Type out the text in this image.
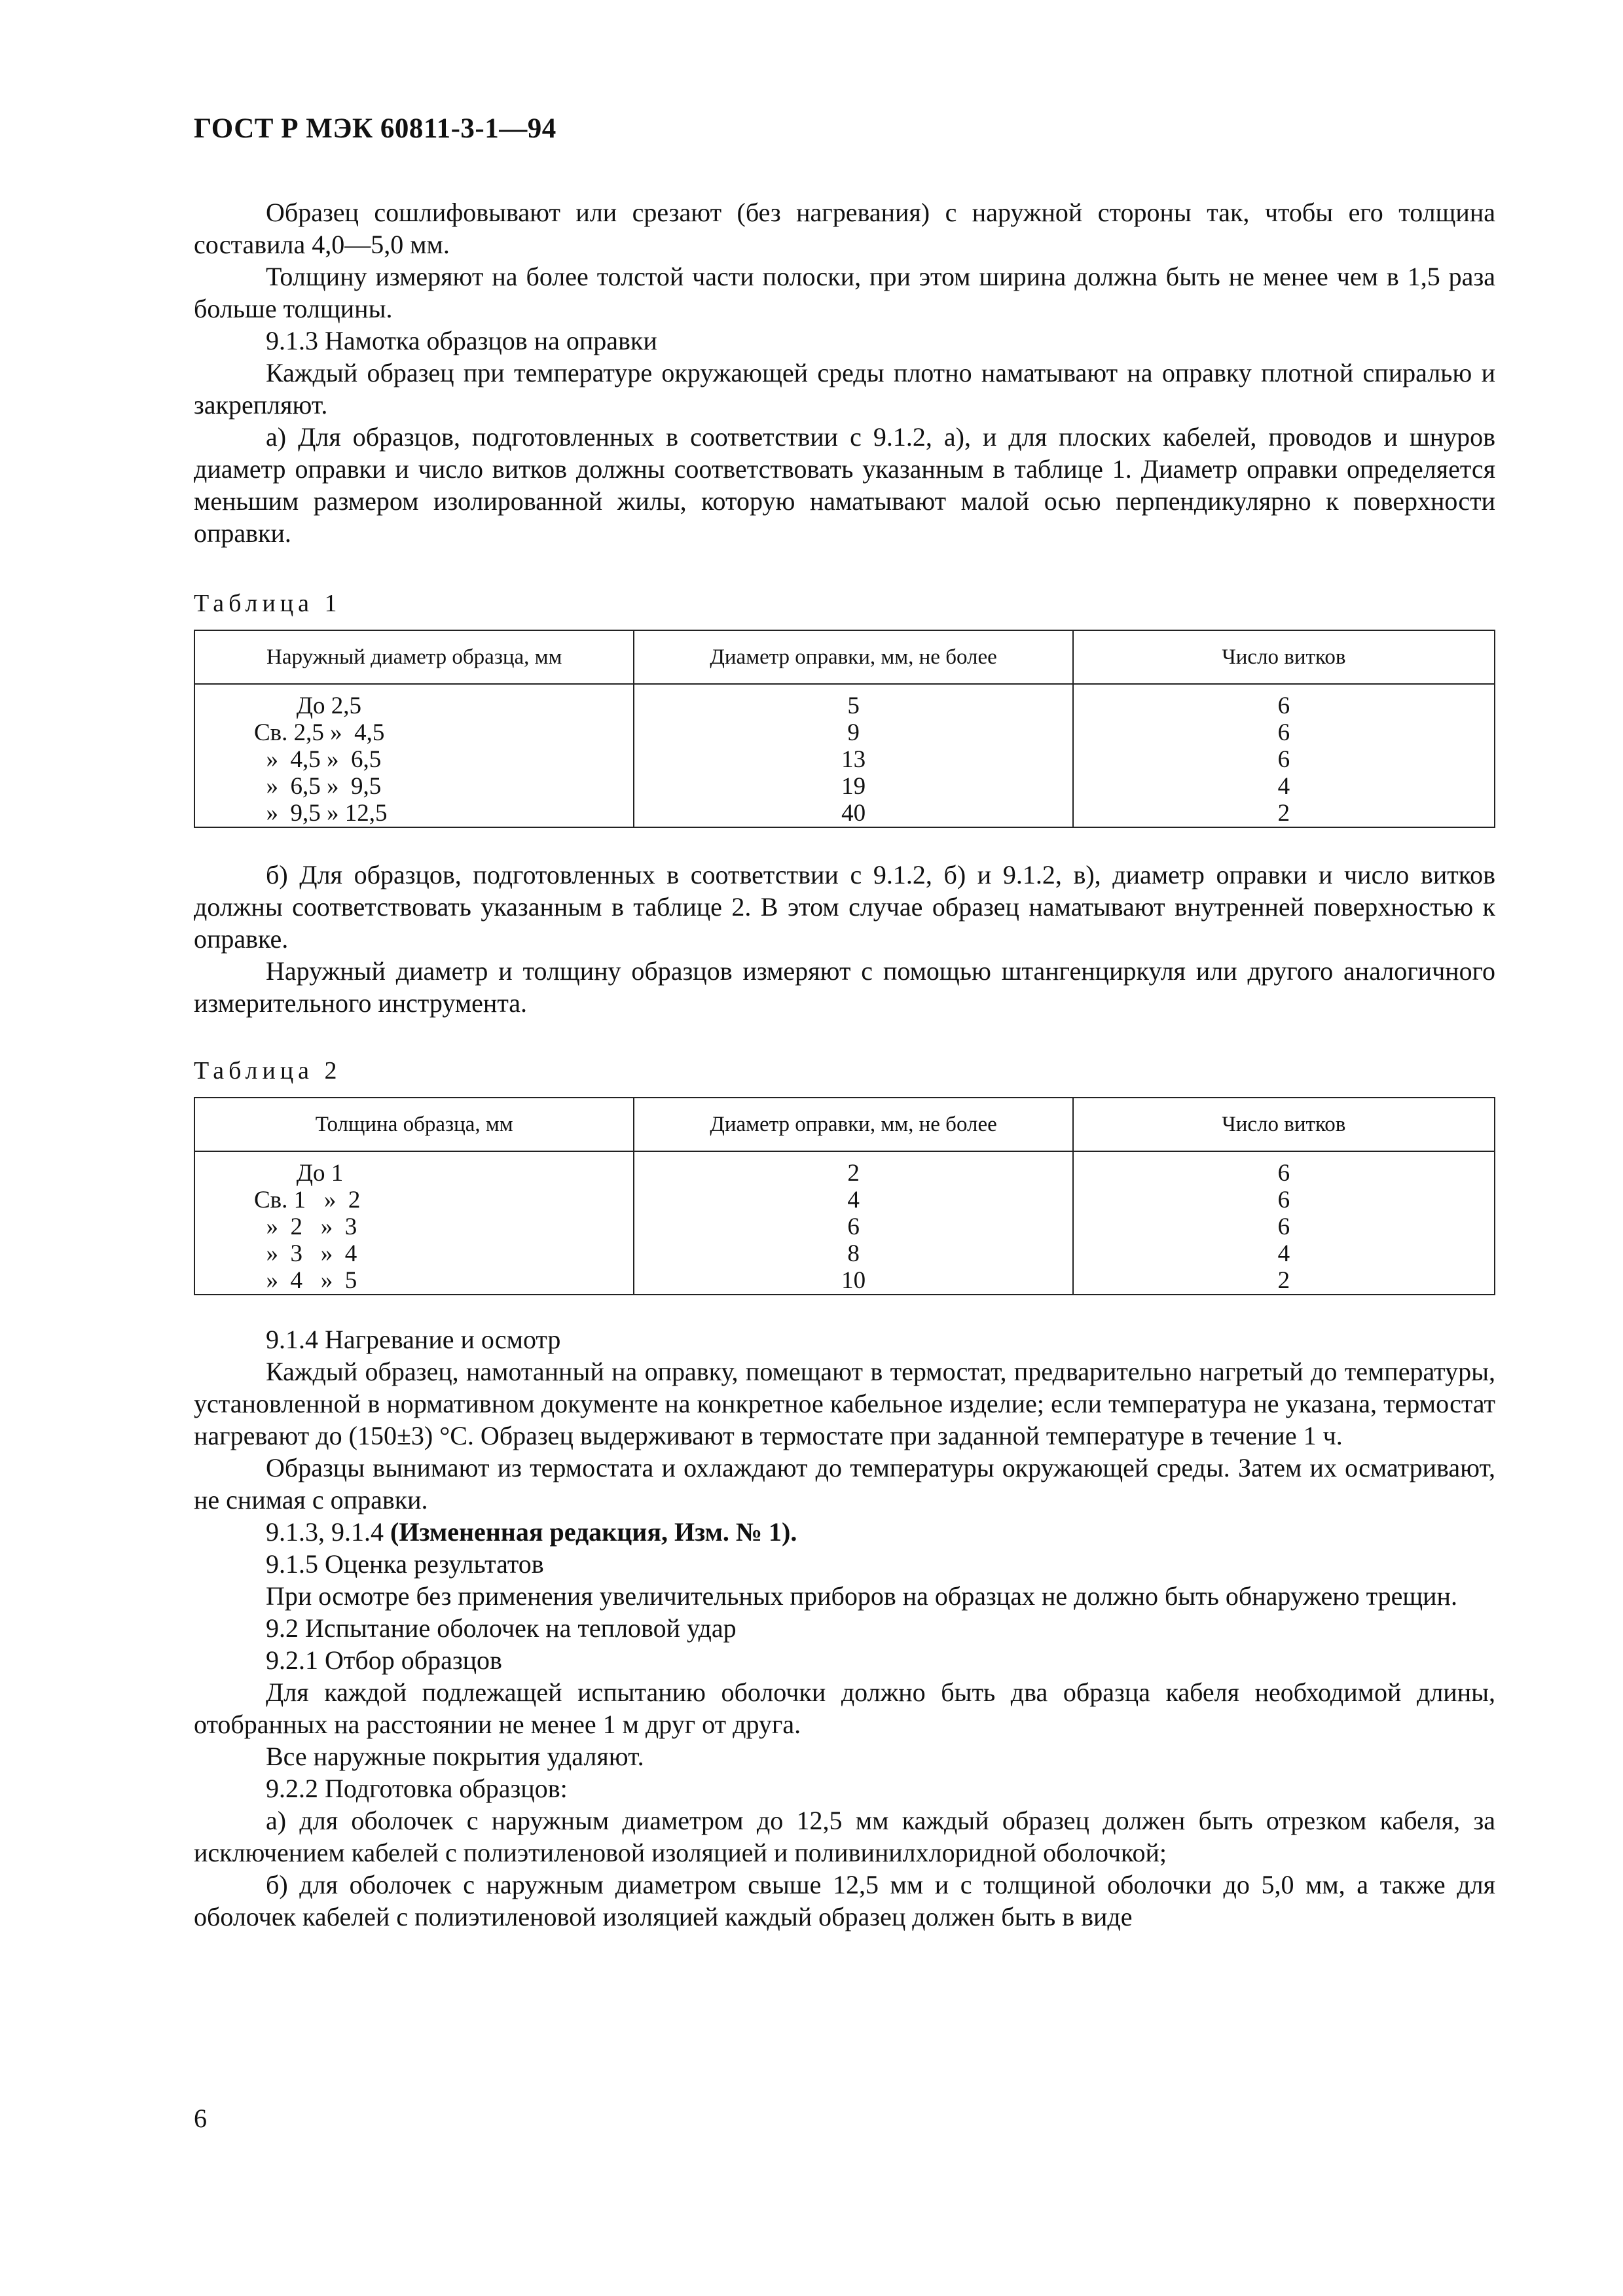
ГОСТ Р МЭК 60811-3-1—94

Образец сошлифовывают или срезают (без нагревания) с наружной стороны так, чтобы его толщина составила 4,0—5,0 мм.

Толщину измеряют на более толстой части полоски, при этом ширина должна быть не менее чем в 1,5 раза больше толщины.

9.1.3 Намотка образцов на оправки

Каждый образец при температуре окружающей среды плотно наматывают на оправку плотной спиралью и закрепляют.

а) Для образцов, подготовленных в соответствии с 9.1.2, а), и для плоских кабелей, проводов и шнуров диаметр оправки и число витков должны соответствовать указанным в таблице 1. Диаметр оправки определяется меньшим размером изолированной жилы, которую наматывают малой осью перпендикулярно к поверхности оправки.

Таблица 1

Наружный диаметр образца, мм	Диаметр оправки, мм, не более	Число витков
До 2,5	5	6
Св. 2,5 »  4,5	9	6
»  4,5 »  6,5	13	6
»  6,5 »  9,5	19	4
»  9,5 » 12,5	40	2

б) Для образцов, подготовленных в соответствии с 9.1.2, б) и 9.1.2, в), диаметр оправки и число витков должны соответствовать указанным в таблице 2. В этом случае образец наматывают внутренней поверхностью к оправке.

Наружный диаметр и толщину образцов измеряют с помощью штангенциркуля или другого аналогичного измерительного инструмента.

Таблица 2

Толщина образца, мм	Диаметр оправки, мм, не более	Число витков
До 1	2	6
Св. 1   »  2	4	6
»  2   »  3	6	6
»  3   »  4	8	4
»  4   »  5	10	2

9.1.4 Нагревание и осмотр

Каждый образец, намотанный на оправку, помещают в термостат, предварительно нагретый до температуры, установленной в нормативном документе на конкретное кабельное изделие; если температура не указана, термостат нагревают до (150±3) °С. Образец выдерживают в термостате при заданной температуре в течение 1 ч.

Образцы вынимают из термостата и охлаждают до температуры окружающей среды. Затем их осматривают, не снимая с оправки.

9.1.3, 9.1.4 (Измененная редакция, Изм. № 1).

9.1.5 Оценка результатов

При осмотре без применения увеличительных приборов на образцах не должно быть обнаружено трещин.

9.2 Испытание оболочек на тепловой удар

9.2.1 Отбор образцов

Для каждой подлежащей испытанию оболочки должно быть два образца кабеля необходимой длины, отобранных на расстоянии не менее 1 м друг от друга.

Все наружные покрытия удаляют.

9.2.2 Подготовка образцов:

а) для оболочек с наружным диаметром до 12,5 мм каждый образец должен быть отрезком кабеля, за исключением кабелей с полиэтиленовой изоляцией и поливинилхлоридной оболочкой;

б) для оболочек с наружным диаметром свыше 12,5 мм и с толщиной оболочки до 5,0 мм, а также для оболочек кабелей с полиэтиленовой изоляцией каждый образец должен быть в виде

6
